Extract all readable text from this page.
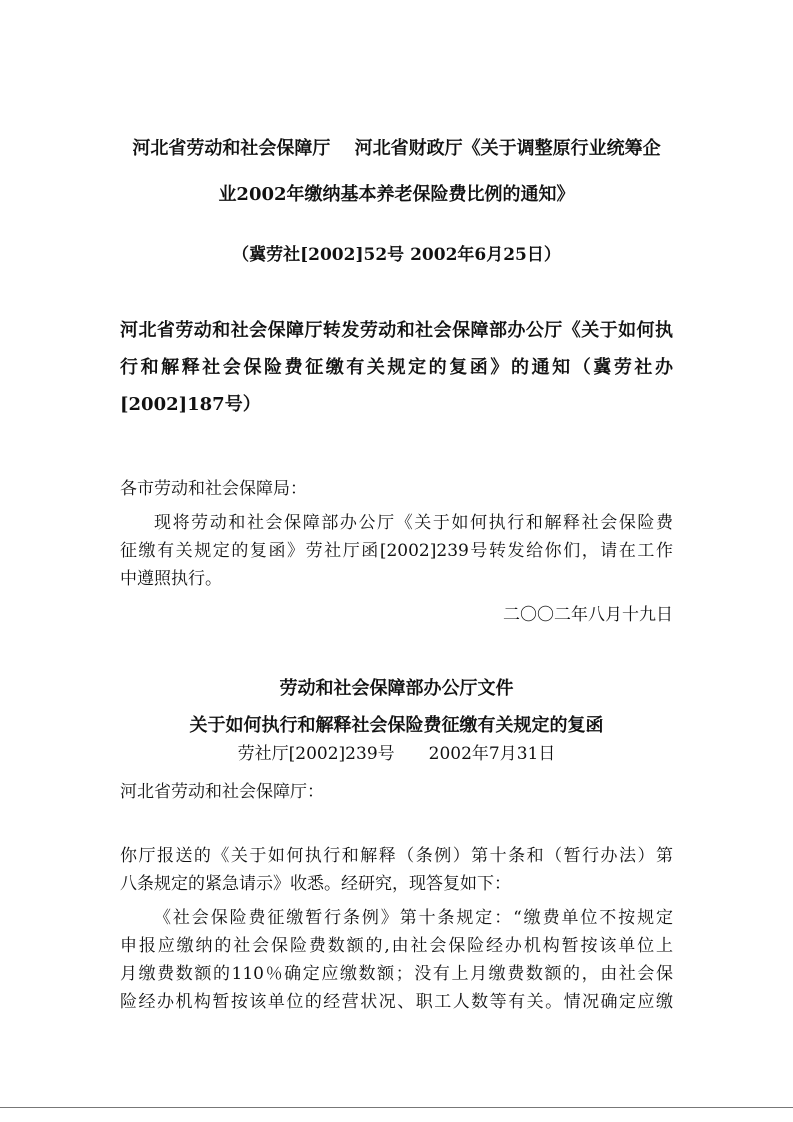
河北省劳动和社会保障厅　 河北省财政厅《关于调整原行业统筹企
业2002年缴纳基本养老保险费比例的通知》
（冀劳社[2002]52号 2002年6月25日）
河北省劳动和社会保障厅转发劳动和社会保障部办公厅《关于如何执
行和解释社会保险费征缴有关规定的复函》的通知（冀劳社办
[2002]187号）
各市劳动和社会保障局：
现将劳动和社会保障部办公厅《关于如何执行和解释社会保险费
征缴有关规定的复函》劳社厅函[2002]239号转发给你们，请在工作
中遵照执行。
二〇〇二年八月十九日
劳动和社会保障部办公厅文件
关于如何执行和解释社会保险费征缴有关规定的复函
劳社厅[2002]239号　　2002年7月31日
河北省劳动和社会保障厅：
你厅报送的《关于如何执行和解释（条例）第十条和（暂行办法）第
八条规定的紧急请示》收悉。经研究，现答复如下：
《社会保险费征缴暂行条例》第十条规定：“缴费单位不按规定
申报应缴纳的社会保险费数额的,由社会保险经办机构暂按该单位上
月缴费数额的110％确定应缴数额；没有上月缴费数额的，由社会保
险经办机构暂按该单位的经营状况、职工人数等有关。情况确定应缴
